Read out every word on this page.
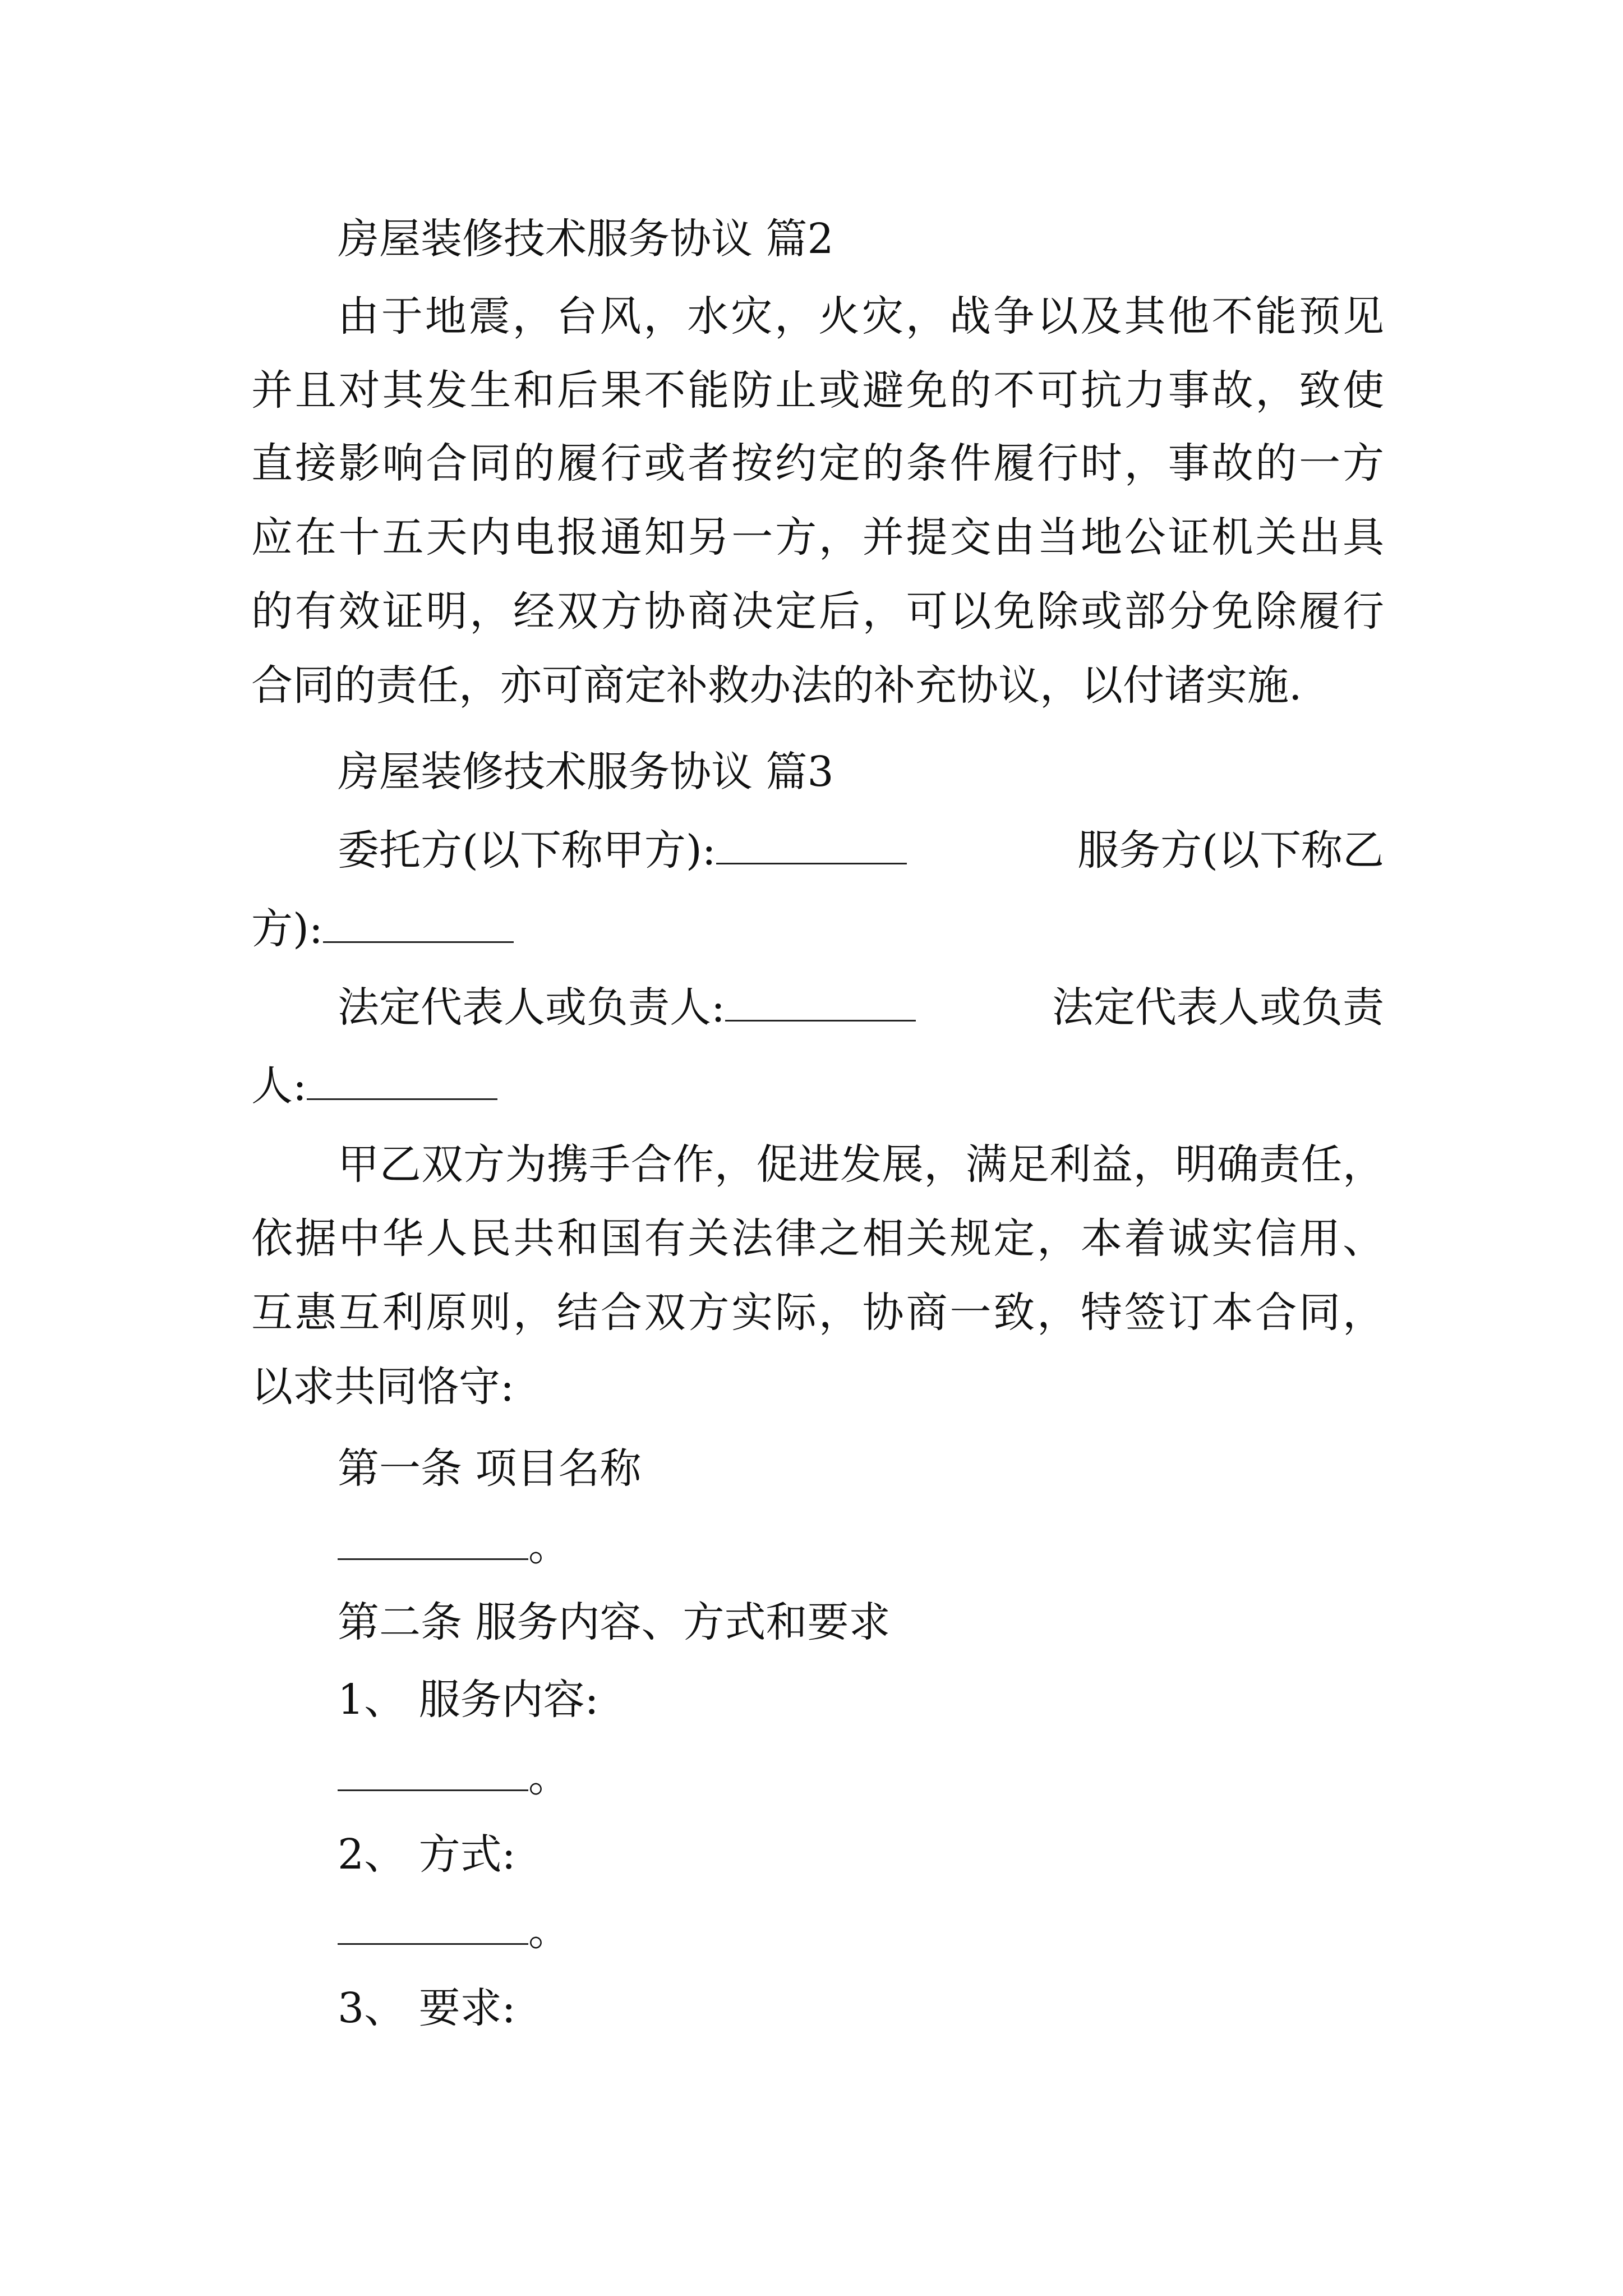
房屋装修技术服务协议 篇2
由于地震，台风，水灾，火灾，战争以及其他不能预见
并且对其发生和后果不能防止或避免的不可抗力事故，致使
直接影响合同的履行或者按约定的条件履行时，事故的一方
应在十五天内电报通知另一方，并提交由当地公证机关出具
的有效证明，经双方协商决定后，可以免除或部分免除履行
合同的责任，亦可商定补救办法的补充协议，以付诸实施.
房屋装修技术服务协议 篇3
委托方(以下称甲方):	服务方(以下称乙
方):
法定代表人或负责人:	法定代表人或负责
人:
甲乙双方为携手合作，促进发展，满足利益，明确责任，
依据中华人民共和国有关法律之相关规定，本着诚实信用、
互惠互利原则，结合双方实际，协商一致，特签订本合同，
以求共同恪守:
第一条 项目名称
。
第二条 服务内容、方式和要求
1、 服务内容:
。
2、 方式:
。
3、 要求:
